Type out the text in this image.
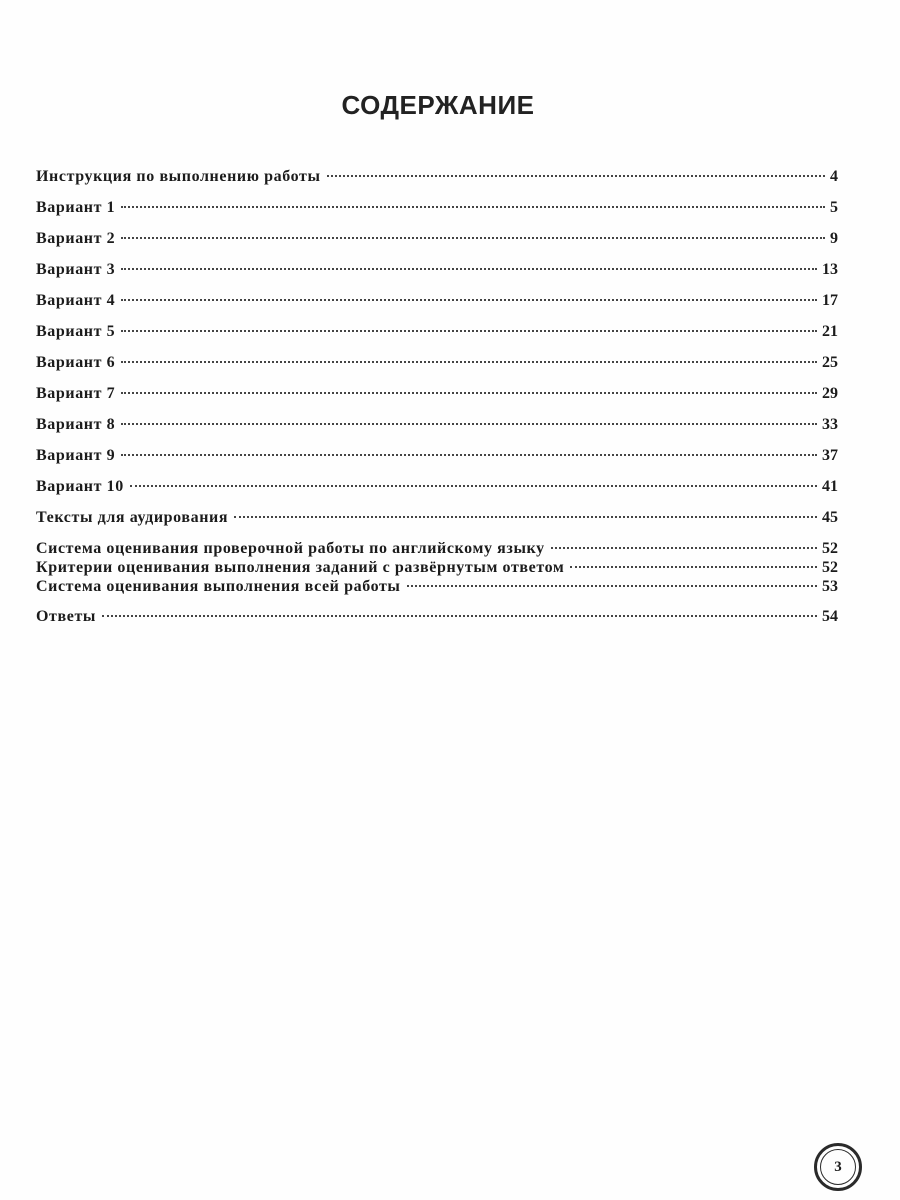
СОДЕРЖАНИЕ
Инструкция по выполнению работы	4
Вариант 1	5
Вариант 2	9
Вариант 3	13
Вариант 4	17
Вариант 5	21
Вариант 6	25
Вариант 7	29
Вариант 8	33
Вариант 9	37
Вариант 10	41
Тексты для аудирования	45
Система оценивания проверочной работы по английскому языку	52
Критерии оценивания выполнения заданий с развёрнутым ответом	52
Система оценивания выполнения всей работы	53
Ответы	54
3
